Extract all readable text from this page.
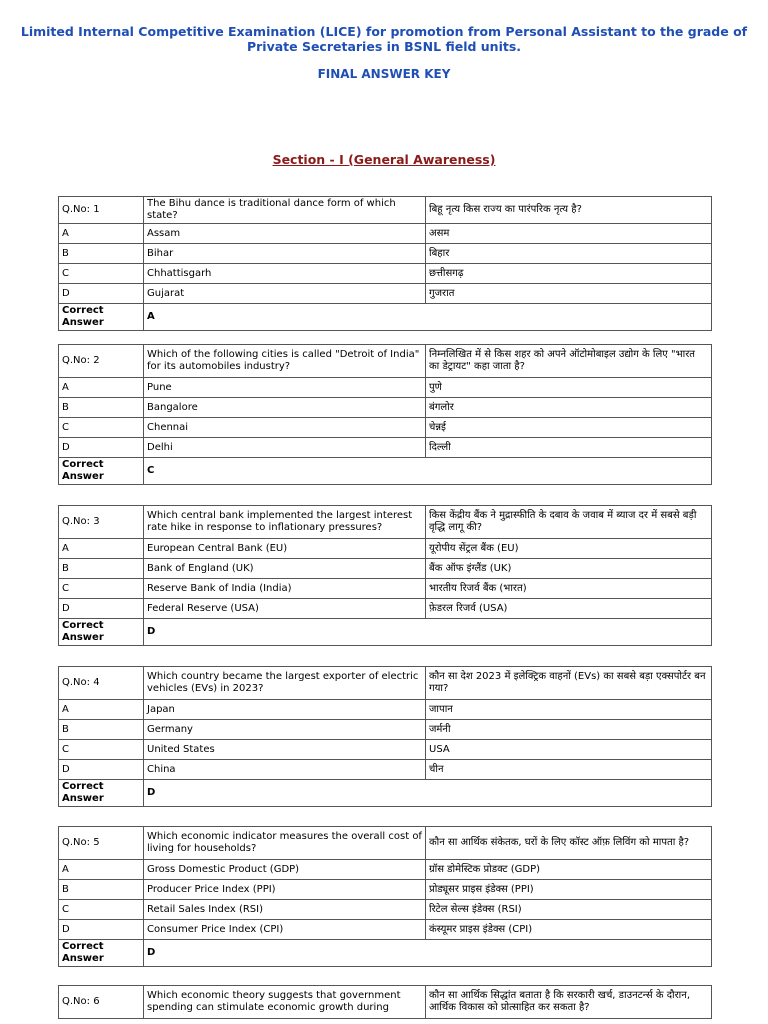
Limited Internal Competitive Examination (LICE) for promotion from Personal Assistant to the grade of Private Secretaries in BSNL field units.
FINAL ANSWER KEY
Section - I (General Awareness)
Q.No: 1	The Bihu dance is traditional dance form of which state?	बिहू नृत्य किस राज्य का पारंपरिक नृत्य है?
A	Assam	असम
B	Bihar	बिहार
C	Chhattisgarh	छत्तीसगढ़
D	Gujarat	गुजरात
Correct Answer	A	
Q.No: 2	Which of the following cities is called "Detroit of India" for its automobiles industry?	निम्नलिखित में से किस शहर को अपने ऑटोमोबाइल उद्योग के लिए "भारत का डेट्रायट" कहा जाता है?
A	Pune	पुणे
B	Bangalore	बंगलोर
C	Chennai	चेन्नई
D	Delhi	दिल्ली
Correct Answer	C	
Q.No: 3	Which central bank implemented the largest interest rate hike in response to inflationary pressures?	किस केंद्रीय बैंक ने मुद्रास्फीति के दबाव के जवाब में ब्याज दर में सबसे बड़ी वृद्धि लागू की?
A	European Central Bank (EU)	यूरोपीय सेंट्रल बैंक (EU)
B	Bank of England (UK)	बैंक ऑफ इंग्लैंड (UK)
C	Reserve Bank of India (India)	भारतीय रिजर्व बैंक (भारत)
D	Federal Reserve (USA)	फ़ेडरल रिजर्व (USA)
Correct Answer	D	
Q.No: 4	Which country became the largest exporter of electric vehicles (EVs) in 2023?	कौन सा देश 2023 में इलेक्ट्रिक वाहनों (EVs) का सबसे बड़ा एक्सपोर्टर बन गया?
A	Japan	जापान
B	Germany	जर्मनी
C	United States	USA
D	China	चीन
Correct Answer	D	
Q.No: 5	Which economic indicator measures the overall cost of living for households?	कौन सा आर्थिक संकेतक, घरों के लिए कॉस्ट ऑफ़ लिविंग को मापता है?
A	Gross Domestic Product (GDP)	ग्रॉस डोमेस्टिक प्रोडक्ट (GDP)
B	Producer Price Index (PPI)	प्रोड्यूसर प्राइस इंडेक्स (PPI)
C	Retail Sales Index (RSI)	रिटेल सेल्स इंडेक्स (RSI)
D	Consumer Price Index (CPI)	कंस्यूमर प्राइस इंडेक्स (CPI)
Correct Answer	D	
Q.No: 6	Which economic theory suggests that government spending can stimulate economic growth during	कौन सा आर्थिक सिद्धांत बताता है कि सरकारी खर्च, डाउनटर्न्स के दौरान, आर्थिक विकास को प्रोत्साहित कर सकता है?
